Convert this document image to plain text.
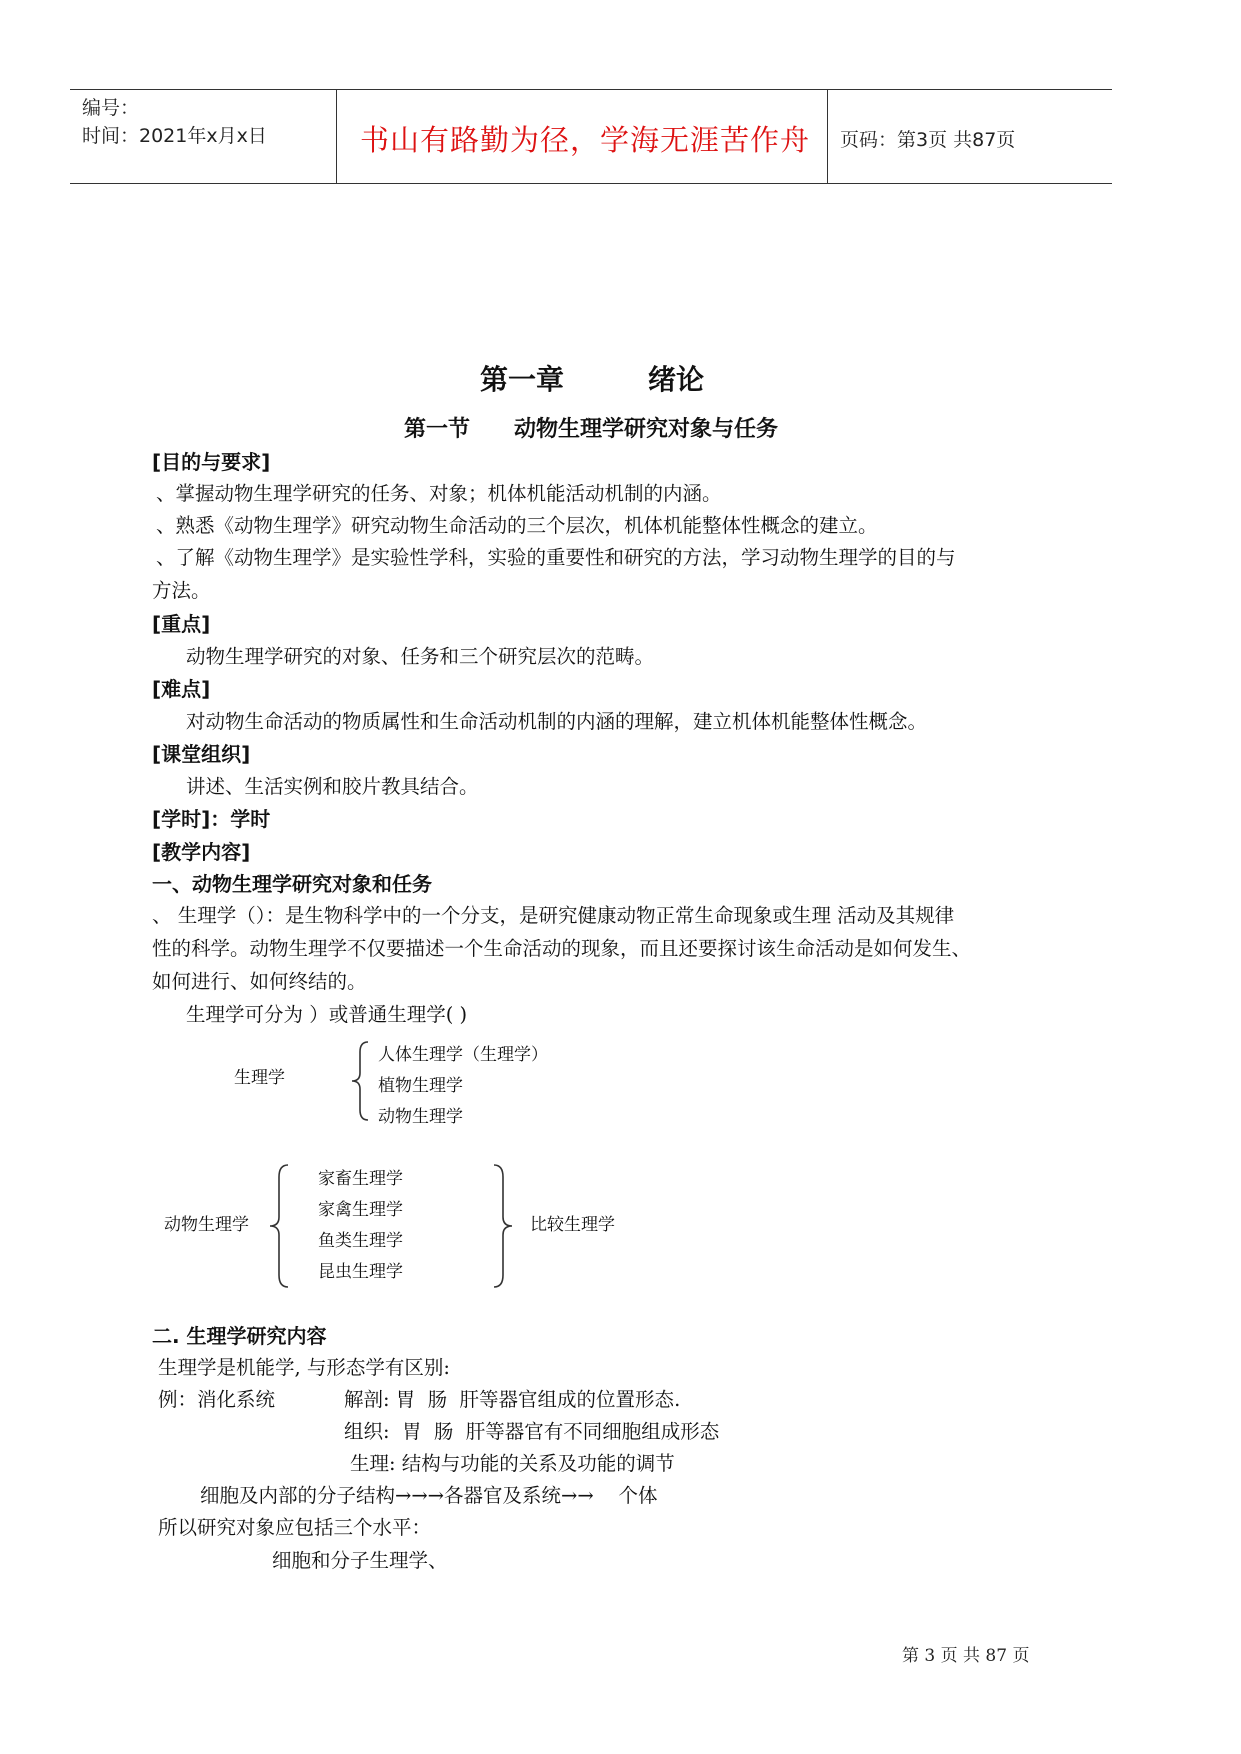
编号：
时间：2021年x月x日	书山有路勤为径，学海无涯苦作舟 页码：第3页 共87页
第一章　　　绪论
第一节　　动物生理学研究对象与任务
[目的与要求]
、掌握动物生理学研究的任务、对象；机体机能活动机制的内涵。
、熟悉《动物生理学》研究动物生命活动的三个层次，机体机能整体性概念的建立。
、了解《动物生理学》是实验性学科，实验的重要性和研究的方法，学习动物生理学的目的与
方法。
[重点]
动物生理学研究的对象、任务和三个研究层次的范畴。
[难点]
对动物生命活动的物质属性和生命活动机制的内涵的理解，建立机体机能整体性概念。
[课堂组织]
讲述、生活实例和胶片教具结合。
[学时]：学时
[教学内容]
一、动物生理学研究对象和任务
、 生理学（）：是生物科学中的一个分支，是研究健康动物正常生命现象或生理 活动及其规律
性的科学。动物生理学不仅要描述一个生命活动的现象，而且还要探讨该生命活动是如何发生、
如何进行、如何终结的。
生理学可分为 ）或普通生理学( )
生理学
人体生理学（生理学）
植物生理学
动物生理学
动物生理学
家畜生理学
家禽生理学
鱼类生理学
昆虫生理学
比较生理学
二. 生理学研究内容
生理学是机能学, 与形态学有区别:
例：消化系统	解剖: 胃  肠  肝等器官组成的位置形态.
组织:  胃  肠  肝等器官有不同细胞组成形态
生理: 结构与功能的关系及功能的调节
细胞及内部的分子结构→→→各器官及系统→→    个体
所以研究对象应包括三个水平：
细胞和分子生理学、
第 3 页 共 87 页
